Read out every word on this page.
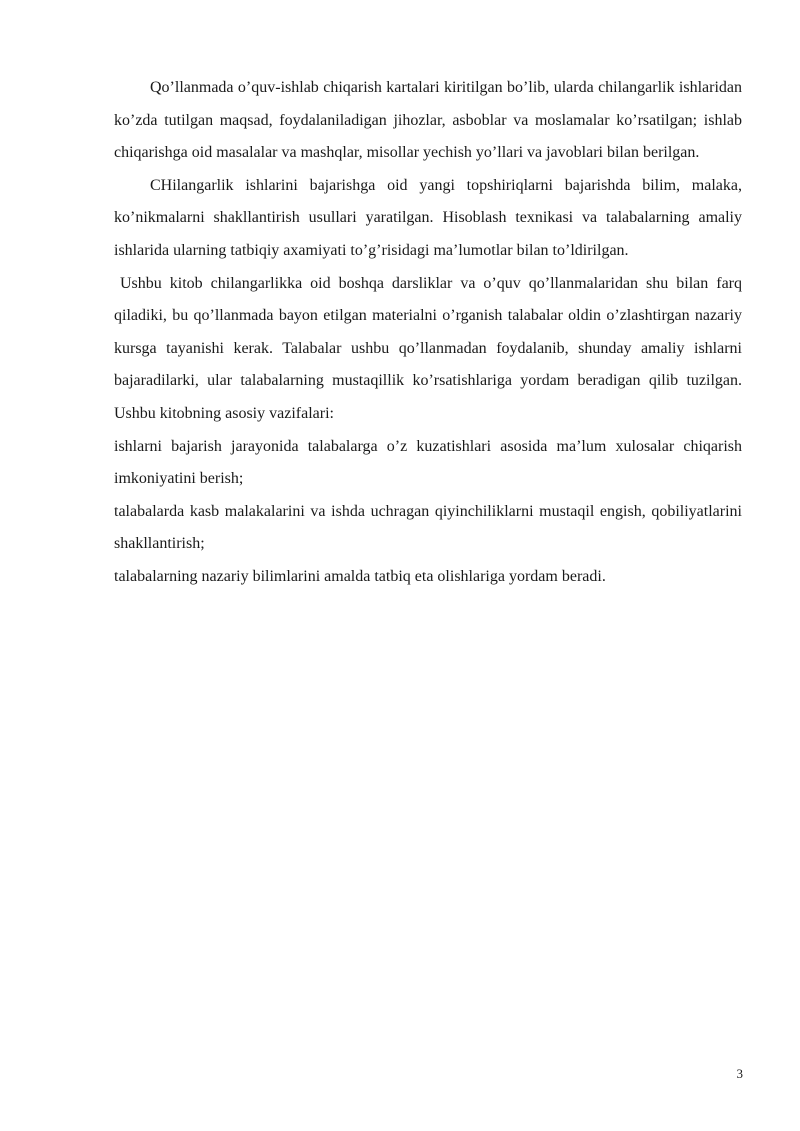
Qo’llanmada o’quv-ishlab chiqarish kartalari kiritilgan bo’lib, ularda chilangarlik ishlaridan ko’zda tutilgan maqsad, foydalaniladigan jihozlar, asboblar va moslamalar ko’rsatilgan; ishlab chiqarishga oid masalalar va mashqlar, misollar yechish yo’llari va javoblari bilan berilgan.

CHilangarlik ishlarini bajarishga oid yangi topshiriqlarni bajarishda bilim, malaka, ko’nikmalarni shakllantirish usullari yaratilgan. Hisoblash texnikasi va talabalarning amaliy ishlarida ularning tatbiqiy axamiyati to’g’risidagi ma’lumotlar bilan to’ldirilgan.

Ushbu kitob chilangarlikka oid boshqa darsliklar va o’quv qo’llanmalaridan shu bilan farq qiladiki, bu qo’llanmada bayon etilgan materialni o’rganish talabalar oldin o’zlashtirgan nazariy kursga tayanishi kerak. Talabalar ushbu qo’llanmadan foydalanib, shunday amaliy ishlarni bajaradilarki, ular talabalarning mustaqillik ko’rsatishlariga yordam beradigan qilib tuzilgan. Ushbu kitobning asosiy vazifalari:

ishlarni bajarish jarayonida talabalarga o’z kuzatishlari asosida ma’lum xulosalar chiqarish imkoniyatini berish;

talabalarda kasb malakalarini va ishda uchragan qiyinchiliklarni mustaqil engish, qobiliyatlarini shakllantirish;

talabalarning nazariy bilimlarini amalda tatbiq eta olishlariga yordam beradi.

3
